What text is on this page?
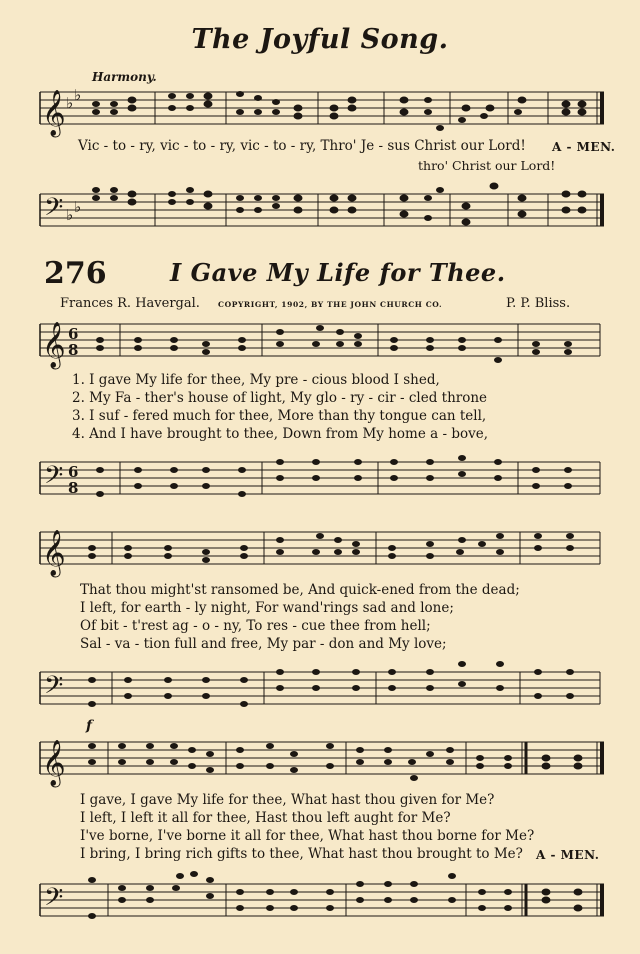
The Joyful Song.
Harmony.
𝄞 ♭ ♭
Vic - to - ry, vic - to - ry, vic - to - ry, Thro' Je - sus Christ our Lord! A - MEN.
thro' Christ our Lord!
𝄢 ♭ ♭
276	I Gave My Life for Thee.
Frances R. Havergal. COPYRIGHT, 1902, BY THE JOHN CHURCH CO.	P. P. Bliss.
𝄞 6
8
1. I gave My life for thee, My pre - cious blood I shed,
2. My Fa - ther's house of light, My glo - ry - cir - cled throne
3. I suf - fered much for thee, More than thy tongue can tell,
4. And I have brought to thee, Down from My home a - bove,
𝄢 6
8
𝄞
That thou might'st ransomed be, And quick-ened from the dead;
I left, for earth - ly night, For wand'rings sad and lone;
Of bit - t'rest ag - o - ny, To res - cue thee from hell;
Sal - va - tion full and free, My par - don and My love;
𝄢
f
𝄞
I gave, I gave My life for thee, What hast thou given for Me?
I left, I left it all for thee, Hast thou left aught for Me?
I've borne, I've borne it all for thee, What hast thou borne for Me?
I bring, I bring rich gifts to thee, What hast thou brought to Me? A - MEN.
𝄢
